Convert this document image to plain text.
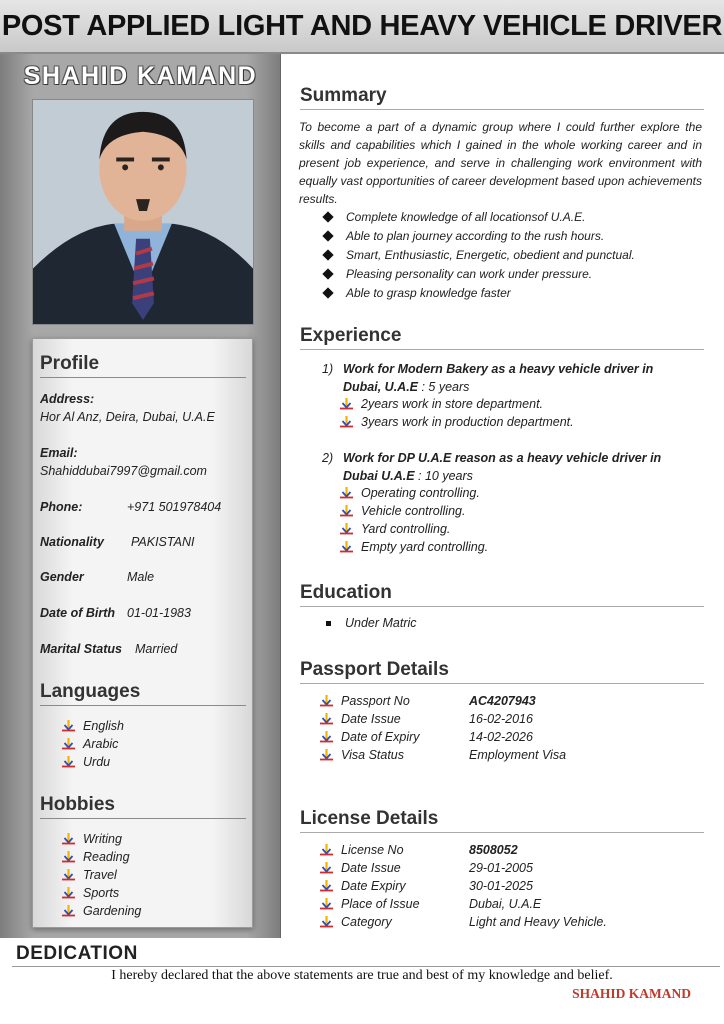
POST APPLIED LIGHT AND HEAVY VEHICLE DRIVER
SHAHID KAMAND
Profile
Address:
Hor Al Anz, Deira, Dubai, U.A.E
Email:
Shahiddubai7997@gmail.com
Phone:	+971 501978404
Nationality PAKISTANI
Gender	Male
Date of Birth 01-01-1983
Marital Status Married
Languages
Hobbies
English
Arabic
Urdu
Writing
Reading
Travel
Sports
Gardening
Summary
To become a part of a dynamic group where I could further explore the skills and capabilities which I gained in the whole working career and in present job experience, and serve in challenging work environment with equally vast opportunities of career development based upon achievements results.
Complete knowledge of all locationsof U.A.E.
Able to plan journey according to the rush hours.
Smart, Enthusiastic, Energetic, obedient and punctual.
Pleasing personality can work under pressure.
Able to grasp knowledge faster
Experience
1) Work for Modern Bakery as a heavy vehicle driver in Dubai, U.A.E : 5 years
2years work in store department.
3years work in production department.
2) Work for DP U.A.E reason as a heavy vehicle driver in Dubai U.A.E : 10 years
Operating controlling.
Vehicle controlling.
Yard controlling.
Empty yard controlling.
Education
Under Matric
Passport Details
Passport No	AC4207943
Date Issue	16-02-2016
Date of Expiry	14-02-2026
Visa Status	Employment Visa
License Details
License No	8508052
Date Issue	29-01-2005
Date Expiry	30-01-2025
Place of Issue	Dubai, U.A.E
Category	Light and Heavy Vehicle.
DEDICATION
I hereby declared that the above statements are true and best of my knowledge and belief.
SHAHID KAMAND
